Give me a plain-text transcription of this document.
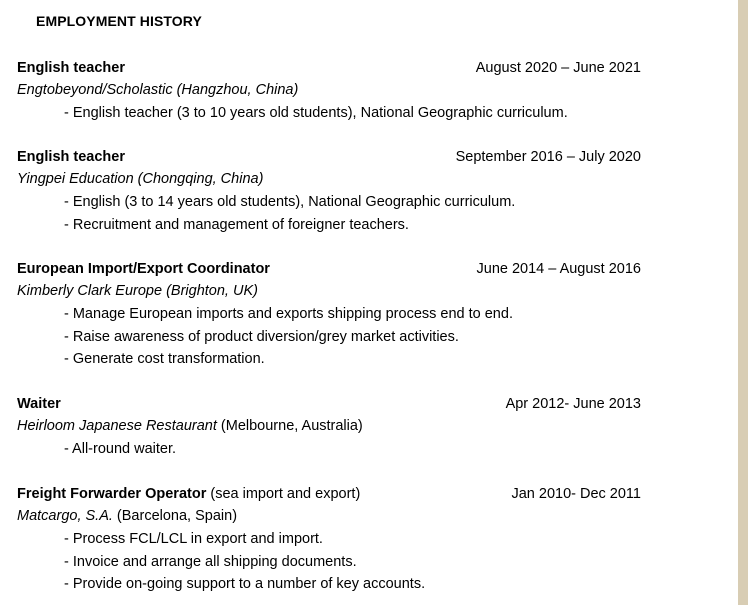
EMPLOYMENT HISTORY
English teacher	August 2020 – June 2021
Engtobeyond/Scholastic (Hangzhou, China)
- English teacher (3 to 10 years old students), National Geographic curriculum.
English teacher	September 2016 – July 2020
Yingpei Education (Chongqing, China)
- English (3 to 14 years old students), National Geographic curriculum.
- Recruitment and management of foreigner teachers.
European Import/Export Coordinator	June 2014 – August 2016
Kimberly Clark Europe (Brighton, UK)
- Manage European imports and exports shipping process end to end.
- Raise awareness of product diversion/grey market activities.
- Generate cost transformation.
Waiter	Apr 2012- June 2013
Heirloom Japanese Restaurant (Melbourne, Australia)
- All-round waiter.
Freight Forwarder Operator (sea import and export)	Jan 2010- Dec 2011
Matcargo, S.A. (Barcelona, Spain)
- Process FCL/LCL in export and import.
- Invoice and arrange all shipping documents.
- Provide on-going support to a number of key accounts.
